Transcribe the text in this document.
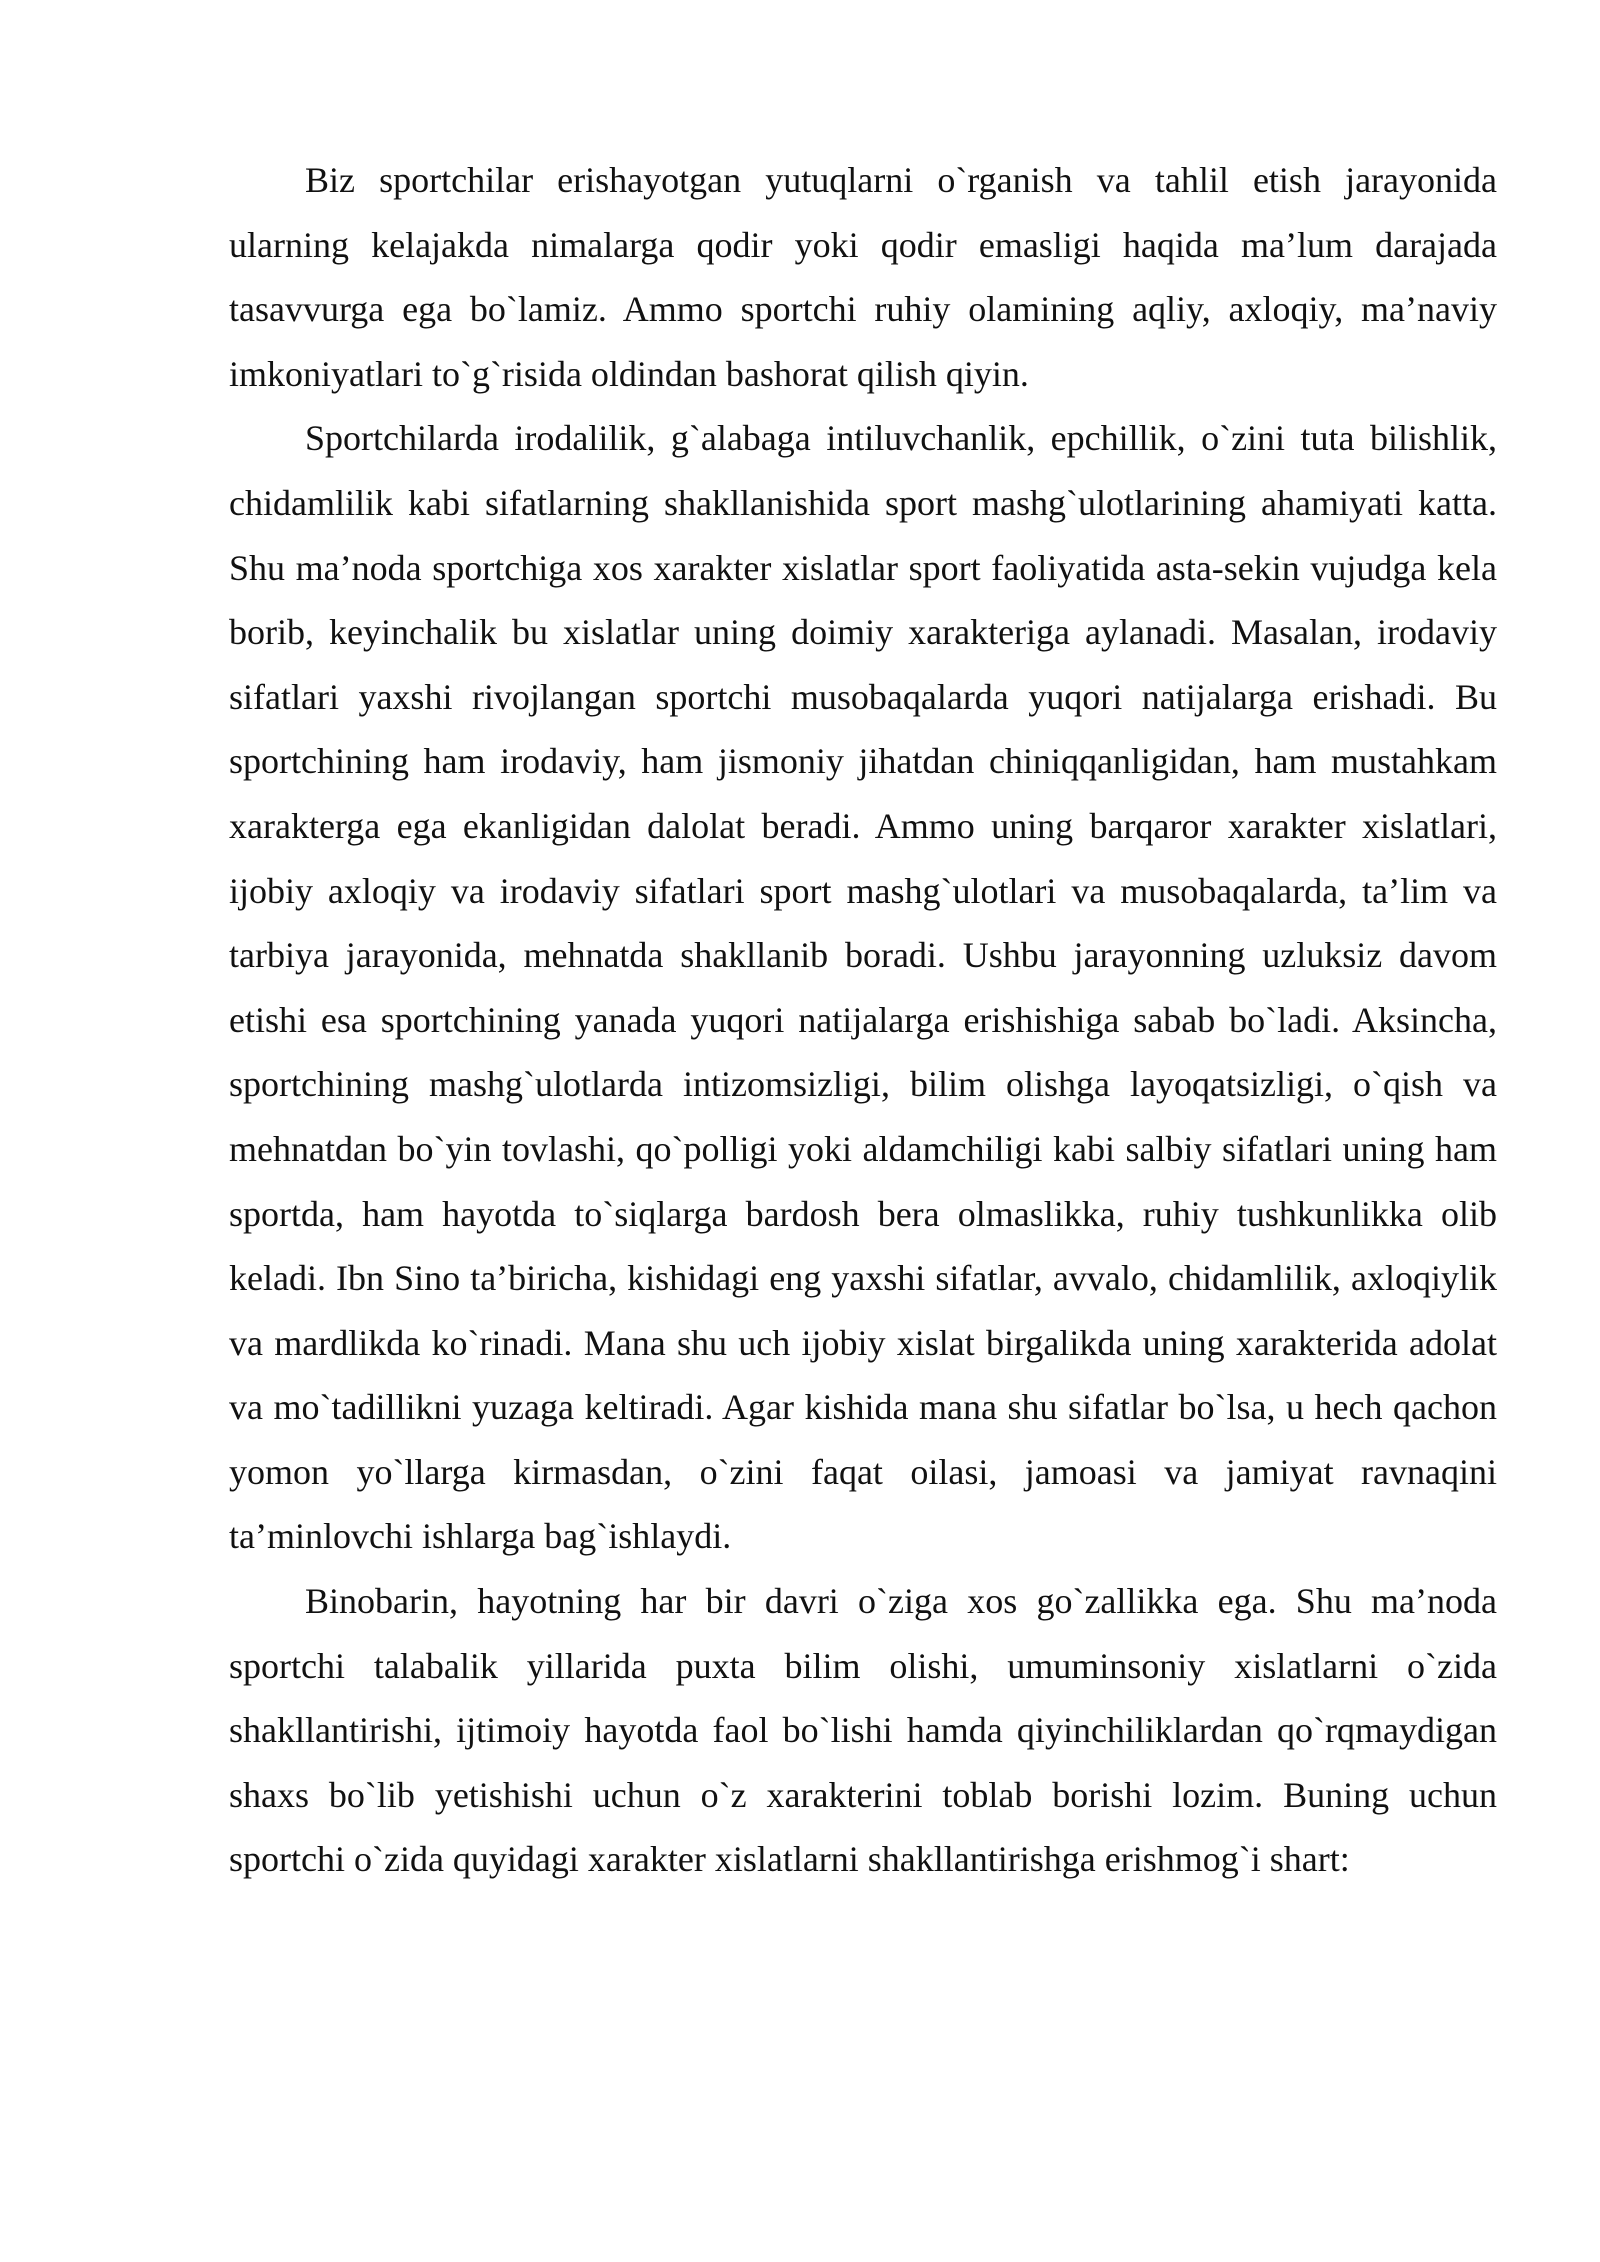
Biz sportchilar erishayotgan yutuqlarni o`rganish va tahlil etish jarayonida ularning kelajakda nimalarga qodir yoki qodir emasligi haqida ma’lum darajada tasavvurga ega bo`lamiz. Ammo sportchi ruhiy olamining aqliy, axloqiy, ma’naviy imkoniyatlari to`g`risida oldindan bashorat qilish qiyin.

Sportchilarda irodalilik, g`alabaga intiluvchanlik, epchillik, o`zini tuta bilishlik, chidamlilik kabi sifatlarning shakllanishida sport mashg`ulotlarining ahamiyati katta. Shu ma’noda sportchiga xos xarakter xislatlar sport faoliyatida asta-sekin vujudga kela borib, keyinchalik bu xislatlar uning doimiy xarakteriga aylanadi. Masalan, irodaviy sifatlari yaxshi rivojlangan sportchi musobaqalarda yuqori natijalarga erishadi. Bu sportchining ham irodaviy, ham jismoniy jihatdan chiniqqanligidan, ham mustahkam xarakterga ega ekanligidan dalolat beradi. Ammo uning barqaror xarakter xislatlari, ijobiy axloqiy va irodaviy sifatlari sport mashg`ulotlari va musobaqalarda, ta’lim va tarbiya jarayonida, mehnatda shakllanib boradi. Ushbu jarayonning uzluksiz davom etishi esa sportchining yanada yuqori natijalarga erishishiga sabab bo`ladi. Aksincha, sportchining mashg`ulotlarda intizomsizligi, bilim olishga layoqatsizligi, o`qish va mehnatdan bo`yin tovlashi, qo`polligi yoki aldamchiligi kabi salbiy sifatlari uning ham sportda, ham hayotda to`siqlarga bardosh bera olmaslikka, ruhiy tushkunlikka olib keladi. Ibn Sino ta’biricha, kishidagi eng yaxshi sifatlar, avvalo, chidamlilik, axloqiylik va mardlikda ko`rinadi. Mana shu uch ijobiy xislat birgalikda uning xarakterida adolat va mo`tadillikni yuzaga keltiradi. Agar kishida mana shu sifatlar bo`lsa, u hech qachon yomon yo`llarga kirmasdan, o`zini faqat oilasi, jamoasi va jamiyat ravnaqini ta’minlovchi ishlarga bag`ishlaydi.

Binobarin, hayotning har bir davri o`ziga xos go`zallikka ega. Shu ma’noda sportchi talabalik yillarida puxta bilim olishi, umuminsoniy xislatlarni o`zida shakllantirishi, ijtimoiy hayotda faol bo`lishi hamda qiyinchiliklardan qo`rqmaydigan shaxs bo`lib yetishishi uchun o`z xarakterini toblab borishi lozim. Buning uchun sportchi o`zida quyidagi xarakter xislatlarni shakllantirishga erishmog`i shart:
